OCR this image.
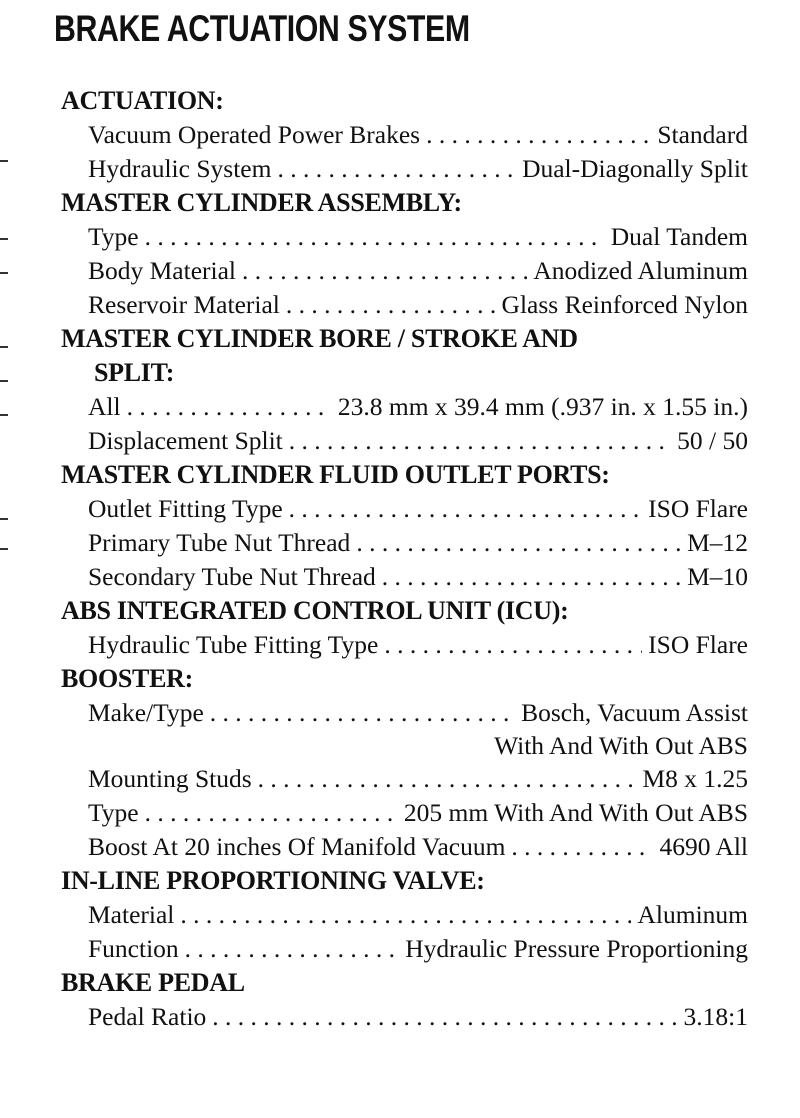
BRAKE ACTUATION SYSTEM
ACTUATION:
Vacuum Operated Power Brakes . . .	Standard
Hydraulic System . . .	Dual-Diagonally Split
MASTER CYLINDER ASSEMBLY:
Type . . .	Dual Tandem
Body Material . . .	Anodized Aluminum
Reservoir Material . . .	Glass Reinforced Nylon
MASTER CYLINDER BORE / STROKE AND
SPLIT:
All . . .	23.8 mm x 39.4 mm (.937 in. x 1.55 in.)
Displacement Split . . .	50 / 50
MASTER CYLINDER FLUID OUTLET PORTS:
Outlet Fitting Type . . .	ISO Flare
Primary Tube Nut Thread . . .	M–12
Secondary Tube Nut Thread . . .	M–10
ABS INTEGRATED CONTROL UNIT (ICU):
Hydraulic Tube Fitting Type . . .	ISO Flare
BOOSTER:
Make/Type . . .	Bosch, Vacuum Assist
With And With Out ABS
Mounting Studs . . .	M8 x 1.25
Type . . .	205 mm With And With Out ABS
Boost At 20 inches Of Manifold Vacuum . . .	4690 All
IN-LINE PROPORTIONING VALVE:
Material . . .	Aluminum
Function . . .	Hydraulic Pressure Proportioning
BRAKE PEDAL
Pedal Ratio . . .	3.18:1
